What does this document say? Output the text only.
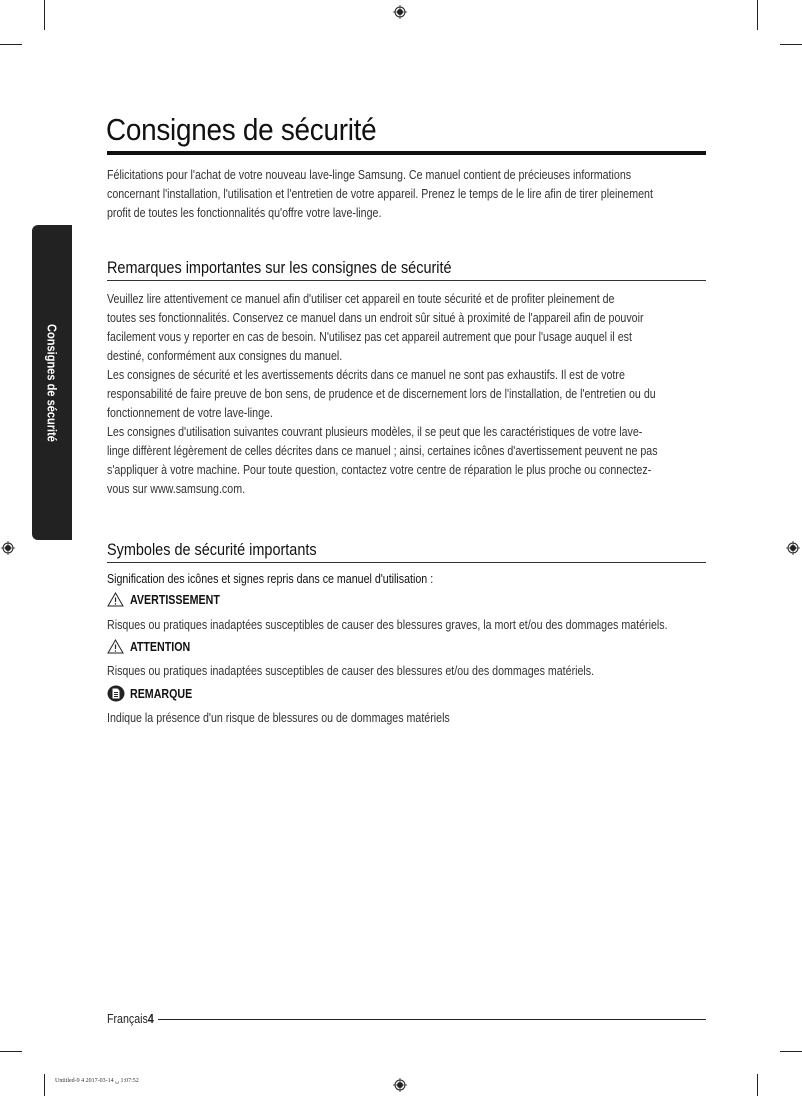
Consignes de sécurité
Consignes de sécurité
Félicitations pour l'achat de votre nouveau lave-linge Samsung. Ce manuel contient de précieuses informations
concernant l'installation, l'utilisation et l'entretien de votre appareil. Prenez le temps de le lire afin de tirer pleinement
profit de toutes les fonctionnalités qu'offre votre lave-linge.
Remarques importantes sur les consignes de sécurité
Veuillez lire attentivement ce manuel afin d'utiliser cet appareil en toute sécurité et de profiter pleinement de
toutes ses fonctionnalités. Conservez ce manuel dans un endroit sûr situé à proximité de l'appareil afin de pouvoir
facilement vous y reporter en cas de besoin. N'utilisez pas cet appareil autrement que pour l'usage auquel il est
destiné, conformément aux consignes du manuel.
Les consignes de sécurité et les avertissements décrits dans ce manuel ne sont pas exhaustifs. Il est de votre
responsabilité de faire preuve de bon sens, de prudence et de discernement lors de l'installation, de l'entretien ou du
fonctionnement de votre lave-linge.
Les consignes d'utilisation suivantes couvrant plusieurs modèles, il se peut que les caractéristiques de votre lave-
linge diffèrent légèrement de celles décrites dans ce manuel ; ainsi, certaines icônes d'avertissement peuvent ne pas
s'appliquer à votre machine. Pour toute question, contactez votre centre de réparation le plus proche ou connectez-
vous sur www.samsung.com.
Symboles de sécurité importants
Signification des icônes et signes repris dans ce manuel d'utilisation :
AVERTISSEMENT
Risques ou pratiques inadaptées susceptibles de causer des blessures graves, la mort et/ou des dommages matériels.
ATTENTION
Risques ou pratiques inadaptées susceptibles de causer des blessures et/ou des dommages matériels.
REMARQUE
Indique la présence d'un risque de blessures ou de dommages matériels
Français4
Untitled-9 4 2017-03-14 ␣ 1:07:52
